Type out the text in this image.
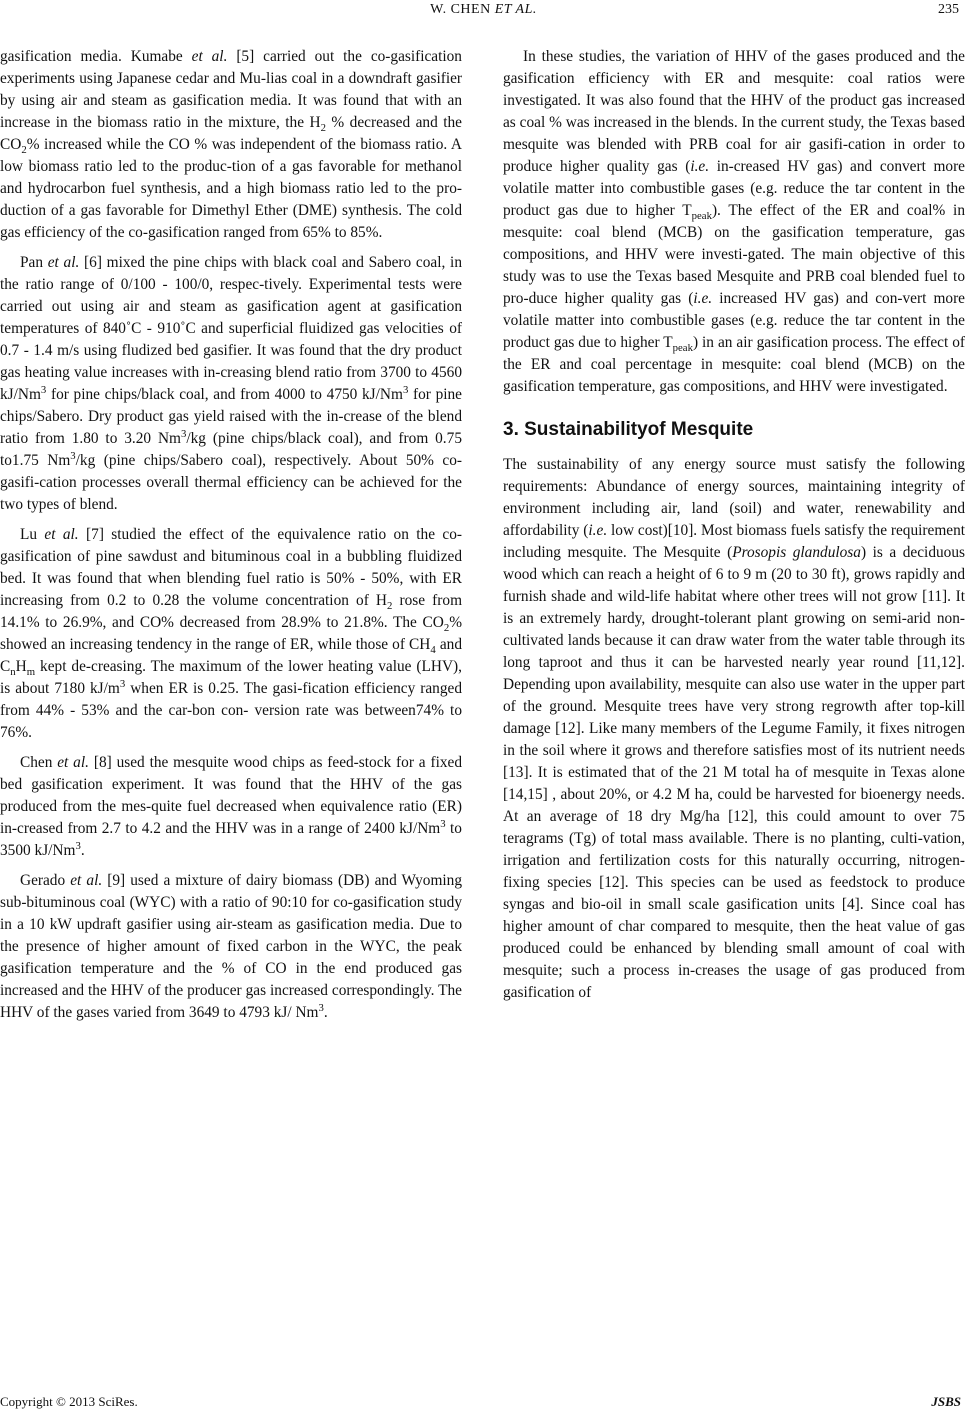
W. CHEN ET AL.	235

gasification media. Kumabe et al. [5] carried out the co-gasification experiments using Japanese cedar and Mu-lias coal in a downdraft gasifier by using air and steam as gasification media. It was found that with an increase in the biomass ratio in the mixture, the $H_2$ % decreased and the $CO_2\%$ increased while the CO % was independent of the biomass ratio. A low biomass ratio led to the produc-tion of a gas favorable for methanol and hydrocarbon fuel synthesis, and a high biomass ratio led to the pro-duction of a gas favorable for Dimethyl Ether (DME) synthesis. The cold gas efficiency of the co-gasification ranged from 65% to 85%.

Pan et al. [6] mixed the pine chips with black coal and Sabero coal, in the ratio range of 0/100 - 100/0, respec-tively. Experimental tests were carried out using air and steam as gasification agent at gasification temperatures of 840˚C - 910˚C and superficial fluidized gas velocities of 0.7 - 1.4 m/s using fludized bed gasifier. It was found that the dry product gas heating value increases with in-creasing blend ratio from 3700 to 4560 kJ/Nm$^3$ for pine chips/black coal, and from 4000 to 4750 kJ/Nm$^3$ for pine chips/Sabero. Dry product gas yield raised with the in-crease of the blend ratio from 1.80 to 3.20 Nm$^3$/kg (pine chips/black coal), and from 0.75 to1.75 Nm$^3$/kg (pine chips/Sabero coal), respectively. About 50% co-gasifi-cation processes overall thermal efficiency can be achieved for the two types of blend.

Lu et al. [7] studied the effect of the equivalence ratio on the co-gasification of pine sawdust and bituminous coal in a bubbling fluidized bed. It was found that when blending fuel ratio is 50% - 50%, with ER increasing from 0.2 to 0.28 the volume concentration of $H_2$ rose from 14.1% to 26.9%, and CO% decreased from 28.9% to 21.8%. The $CO_2\%$ showed an increasing tendency in the range of ER, while those of $CH_4$ and $C_nH_m$ kept de-creasing. The maximum of the lower heating value (LHV), is about 7180 $kJ/m^3$ when ER is 0.25. The gasi-fication efficiency ranged from 44% - 53% and the car-bon con- version rate was between74% to 76%.

Chen et al. [8] used the mesquite wood chips as feed-stock for a fixed bed gasification experiment. It was found that the HHV of the gas produced from the mes-quite fuel decreased when equivalence ratio (ER) in-creased from 2.7 to 4.2 and the HHV was in a range of 2400 kJ/Nm$^3$ to 3500 kJ/Nm$^3$.

Gerado et al. [9] used a mixture of dairy biomass (DB) and Wyoming sub-bituminous coal (WYC) with a ratio of 90:10 for co-gasification study in a 10 kW updraft gasifier using air-steam as gasification media. Due to the presence of higher amount of fixed carbon in the WYC, the peak gasification temperature and the % of CO in the end produced gas increased and the HHV of the producer gas increased correspondingly. The HHV of the gases varied from 3649 to 4793 kJ/ Nm$^3$.

In these studies, the variation of HHV of the gases produced and the gasification efficiency with ER and mesquite: coal ratios were investigated. It was also found that the HHV of the product gas increased as coal % was increased in the blends. In the current study, the Texas based mesquite was blended with PRB coal for air gasifi-cation in order to produce higher quality gas (i.e. in-creased HV gas) and convert more volatile matter into combustible gases (e.g. reduce the tar content in the product gas due to higher $T_{peak}$). The effect of the ER and coal% in mesquite: coal blend (MCB) on the gasification temperature, gas compositions, and HHV were investi-gated. The main objective of this study was to use the Texas based Mesquite and PRB coal blended fuel to pro-duce higher quality gas (i.e. increased HV gas) and con-vert more volatile matter into combustible gases (e.g. reduce the tar content in the product gas due to higher $T_{peak}$) in an air gasification process. The effect of the ER and coal percentage in mesquite: coal blend (MCB) on the gasification temperature, gas compositions, and HHV were investigated.

3. Sustainabilityof Mesquite

The sustainability of any energy source must satisfy the following requirements: Abundance of energy sources, maintaining integrity of environment including air, land (soil) and water, renewability and affordability (i.e. low cost)[10]. Most biomass fuels satisfy the requirement including mesquite. The Mesquite (Prosopis glandulosa) is a deciduous wood which can reach a height of 6 to 9 m (20 to 30 ft), grows rapidly and furnish shade and wild-life habitat where other trees will not grow [11]. It is an extremely hardy, drought-tolerant plant growing on semi-arid non-cultivated lands because it can draw water from the water table through its long taproot and thus it can be harvested nearly year round [11,12]. Depending upon availability, mesquite can also use water in the upper part of the ground. Mesquite trees have very strong regrowth after top-kill damage [12]. Like many members of the Legume Family, it fixes nitrogen in the soil where it grows and therefore satisfies most of its nutrient needs [13]. It is estimated that of the 21 M total ha of mesquite in Texas alone [14,15] , about 20%, or 4.2 M ha, could be harvested for bioenergy needs. At an average of 18 dry Mg/ha [12], this could amount to over 75 teragrams (Tg) of total mass available. There is no planting, culti-vation, irrigation and fertilization costs for this naturally occurring, nitrogen-fixing species [12]. This species can be used as feedstock to produce syngas and bio-oil in small scale gasification units [4]. Since coal has higher amount of char compared to mesquite, then the heat value of gas produced could be enhanced by blending small amount of coal with mesquite; such a process in-creases the usage of gas produced from gasification of

Copyright © 2013 SciRes.	JSBS
